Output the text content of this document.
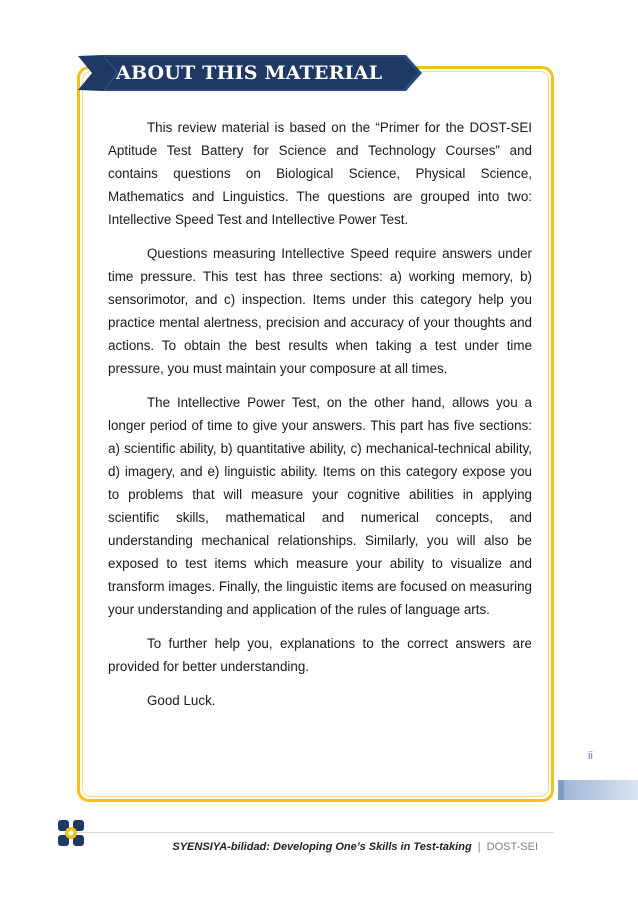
ABOUT THIS MATERIAL

This review material is based on the “Primer for the DOST-SEI Aptitude Test Battery for Science and Technology Courses” and contains questions on Biological Science, Physical Science, Mathematics and Linguistics. The questions are grouped into two: Intellective Speed Test and Intellective Power Test.

Questions measuring Intellective Speed require answers under time pressure. This test has three sections: a) working memory, b) sensorimotor, and c) inspection. Items under this category help you practice mental alertness, precision and accuracy of your thoughts and actions. To obtain the best results when taking a test under time pressure, you must maintain your composure at all times.

The Intellective Power Test, on the other hand, allows you a longer period of time to give your answers. This part has five sections: a) scientific ability, b) quantitative ability, c) mechanical-technical ability, d) imagery, and e) linguistic ability. Items on this category expose you to problems that will measure your cognitive abilities in applying scientific skills, mathematical and numerical concepts, and understanding mechanical relationships. Similarly, you will also be exposed to test items which measure your ability to visualize and transform images. Finally, the linguistic items are focused on measuring your understanding and application of the rules of language arts.

To further help you, explanations to the correct answers are provided for better understanding.

Good Luck.

ii
SYENSIYA-bilidad: Developing One’s Skills in Test-taking | DOST-SEI
